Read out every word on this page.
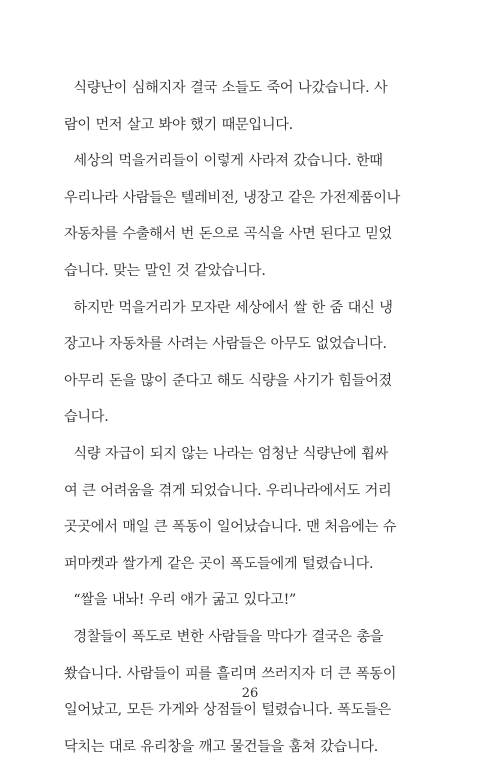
식량난이 심해지자 결국 소들도 죽어 나갔습니다. 사
람이 먼저 살고 봐야 했기 때문입니다.
세상의 먹을거리들이 이렇게 사라져 갔습니다. 한때
우리나라 사람들은 텔레비전, 냉장고 같은 가전제품이나
자동차를 수출해서 번 돈으로 곡식을 사면 된다고 믿었
습니다. 맞는 말인 것 같았습니다.
하지만 먹을거리가 모자란 세상에서 쌀 한 줌 대신 냉
장고나 자동차를 사려는 사람들은 아무도 없었습니다.
아무리 돈을 많이 준다고 해도 식량을 사기가 힘들어졌
습니다.
식량 자급이 되지 않는 나라는 엄청난 식량난에 휩싸
여 큰 어려움을 겪게 되었습니다. 우리나라에서도 거리
곳곳에서 매일 큰 폭동이 일어났습니다. 맨 처음에는 슈
퍼마켓과 쌀가게 같은 곳이 폭도들에게 털렸습니다.
“쌀을 내놔! 우리 애가 굶고 있다고!”
경찰들이 폭도로 변한 사람들을 막다가 결국은 총을
쐈습니다. 사람들이 피를 흘리며 쓰러지자 더 큰 폭동이
일어났고, 모든 가게와 상점들이 털렸습니다. 폭도들은
닥치는 대로 유리창을 깨고 물건들을 훔쳐 갔습니다.
26
